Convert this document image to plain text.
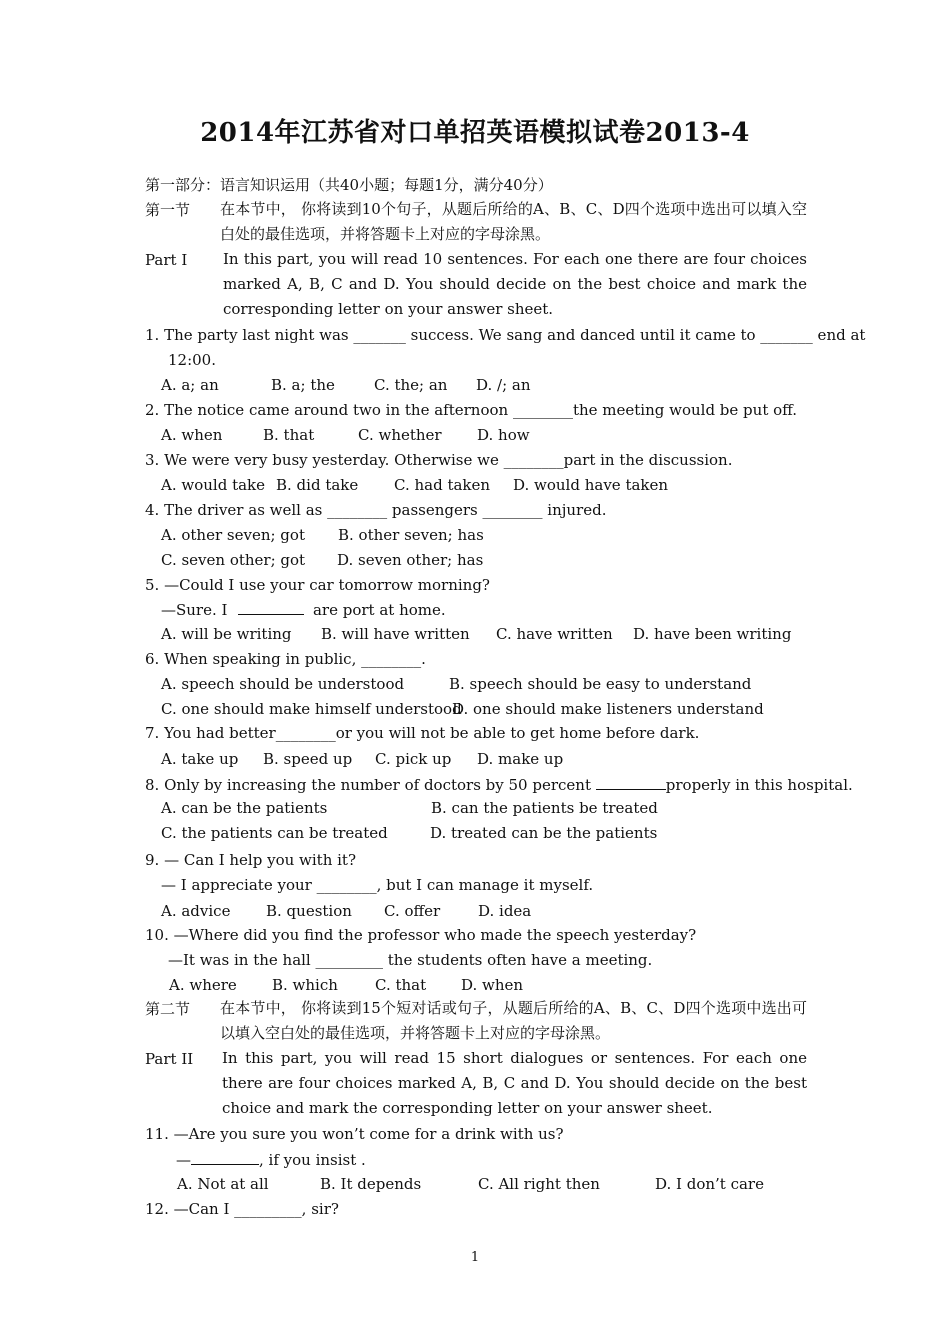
2014年江苏省对口单招英语模拟试卷2013-4
第一部分：语言知识运用（共40小题；每题1分，满分40分）
第一节 在本节中， 你将读到10个句子，从题后所给的A、B、C、D四个选项中选出可以填入空白处的最佳选项，并将答题卡上对应的字母涂黑。
Part I In this part, you will read 10 sentences. For each one there are four choices marked A, B, C and D. You should decide on the best choice and mark the corresponding letter on your answer sheet.
1. The party last night was _______ success. We sang and danced until it came to _______ end at
12:00.
A. a; an	B. a; the	C. the; an D. /; an
2. The notice came around two in the afternoon ________the meeting would be put off.
A. when	B. that	C. whether D. how
3. We were very busy yesterday. Otherwise we ________part in the discussion.
A. would take B. did take C. had taken D. would have taken
4. The driver as well as ________ passengers ________ injured.
A. other seven; got B. other seven; has
C. seven other; got D. seven other; has
5. —Could I use your car tomorrow morning?
—Sure. I	are port at home.
A. will be writing B. will have written C. have written D. have been writing
6. When speaking in public, ________.
A. speech should be understood	B. speech should be easy to understand
C. one should make himself understood
D. one should make listeners understand
7. You had better________or you will not be able to get home before dark.
A. take up B. speed up C. pick up D. make up
8. Only by increasing the number of doctors by 50 percent	properly in this hospital.
A. can be the patients	B. can the patients be treated
C. the patients can be treated	D. treated can be the patients
9. — Can I help you with it?
— I appreciate your ________, but I can manage it myself.
A. advice B. question C. offer	D. idea
10. —Where did you find the professor who made the speech yesterday?
—It was in the hall _________ the students often have a meeting.
A. where B. which C. that D. when
第二节 在本节中， 你将读到15个短对话或句子，从题后所给的A、B、C、D四个选项中选出可以填入空白处的最佳选项，并将答题卡上对应的字母涂黑。
Part II In this part, you will read 15 short dialogues or sentences. For each one there are four choices marked A, B, C and D. You should decide on the best choice and mark the corresponding letter on your answer sheet.
11. —Are you sure you won’t come for a drink with us?
—	, if you insist .
A. Not at all	B. It depends	C. All right then	D. I don’t care
12. —Can I _________, sir?
1
